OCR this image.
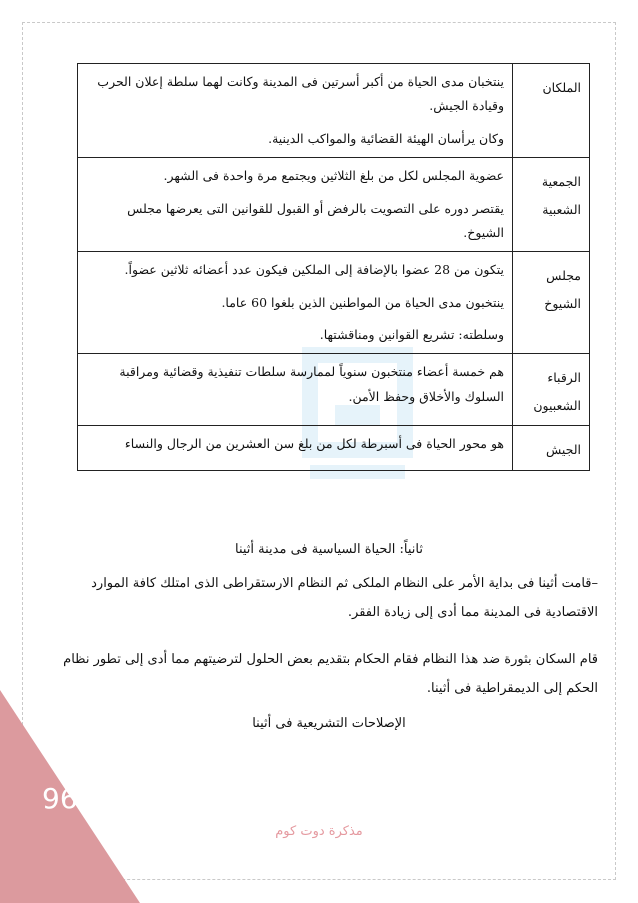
الملكان	ينتخبان مدى الحياة من أكبر أسرتين فى المدينة وكانت لهما سلطة إعلان الحرب وقيادة الجيش.

وكان يرأسان الهيئة القضائية والمواكب الدينية.

الجمعية الشعبية	عضوية المجلس لكل من بلغ الثلاثين ويجتمع مرة واحدة فى الشهر.

يقتصر دوره على التصويت بالرفض أو القبول للقوانين التى يعرضها مجلس الشيوخ.

مجلس الشيوخ	يتكون من 28 عضوا بالإضافة إلى الملكين فيكون عدد أعضائه ثلاثين عضواً.

ينتخبون مدى الحياة من المواطنين الذين بلغوا 60 عاما.

وسلطته: تشريع القوانين ومناقشتها.

الرقباء الشعبيون	هم خمسة أعضاء منتخبون سنوياً لممارسة سلطات تنفيذية وقضائية ومراقبة السلوك والأخلاق وحفظ الأمن.

الجيش	هو محور الحياة فى أسبرطة لكل من بلغ سن العشرين من الرجال والنساء

ثانياً: الحياة السياسية فى مدينة أثينا
–قامت أثينا فى بداية الأمر على النظام الملكى ثم النظام الارستقراطى الذى امتلك كافة الموارد الاقتصادية فى المدينة مما أدى إلى زيادة الفقر.
قام السكان بثورة ضد هذا النظام فقام الحكام بتقديم بعض الحلول لترضيتهم مما أدى إلى تطور نظام الحكم إلى الديمقراطية فى أثينا.
الإصلاحات التشريعية فى أثينا
96
مذكرة دوت كوم
